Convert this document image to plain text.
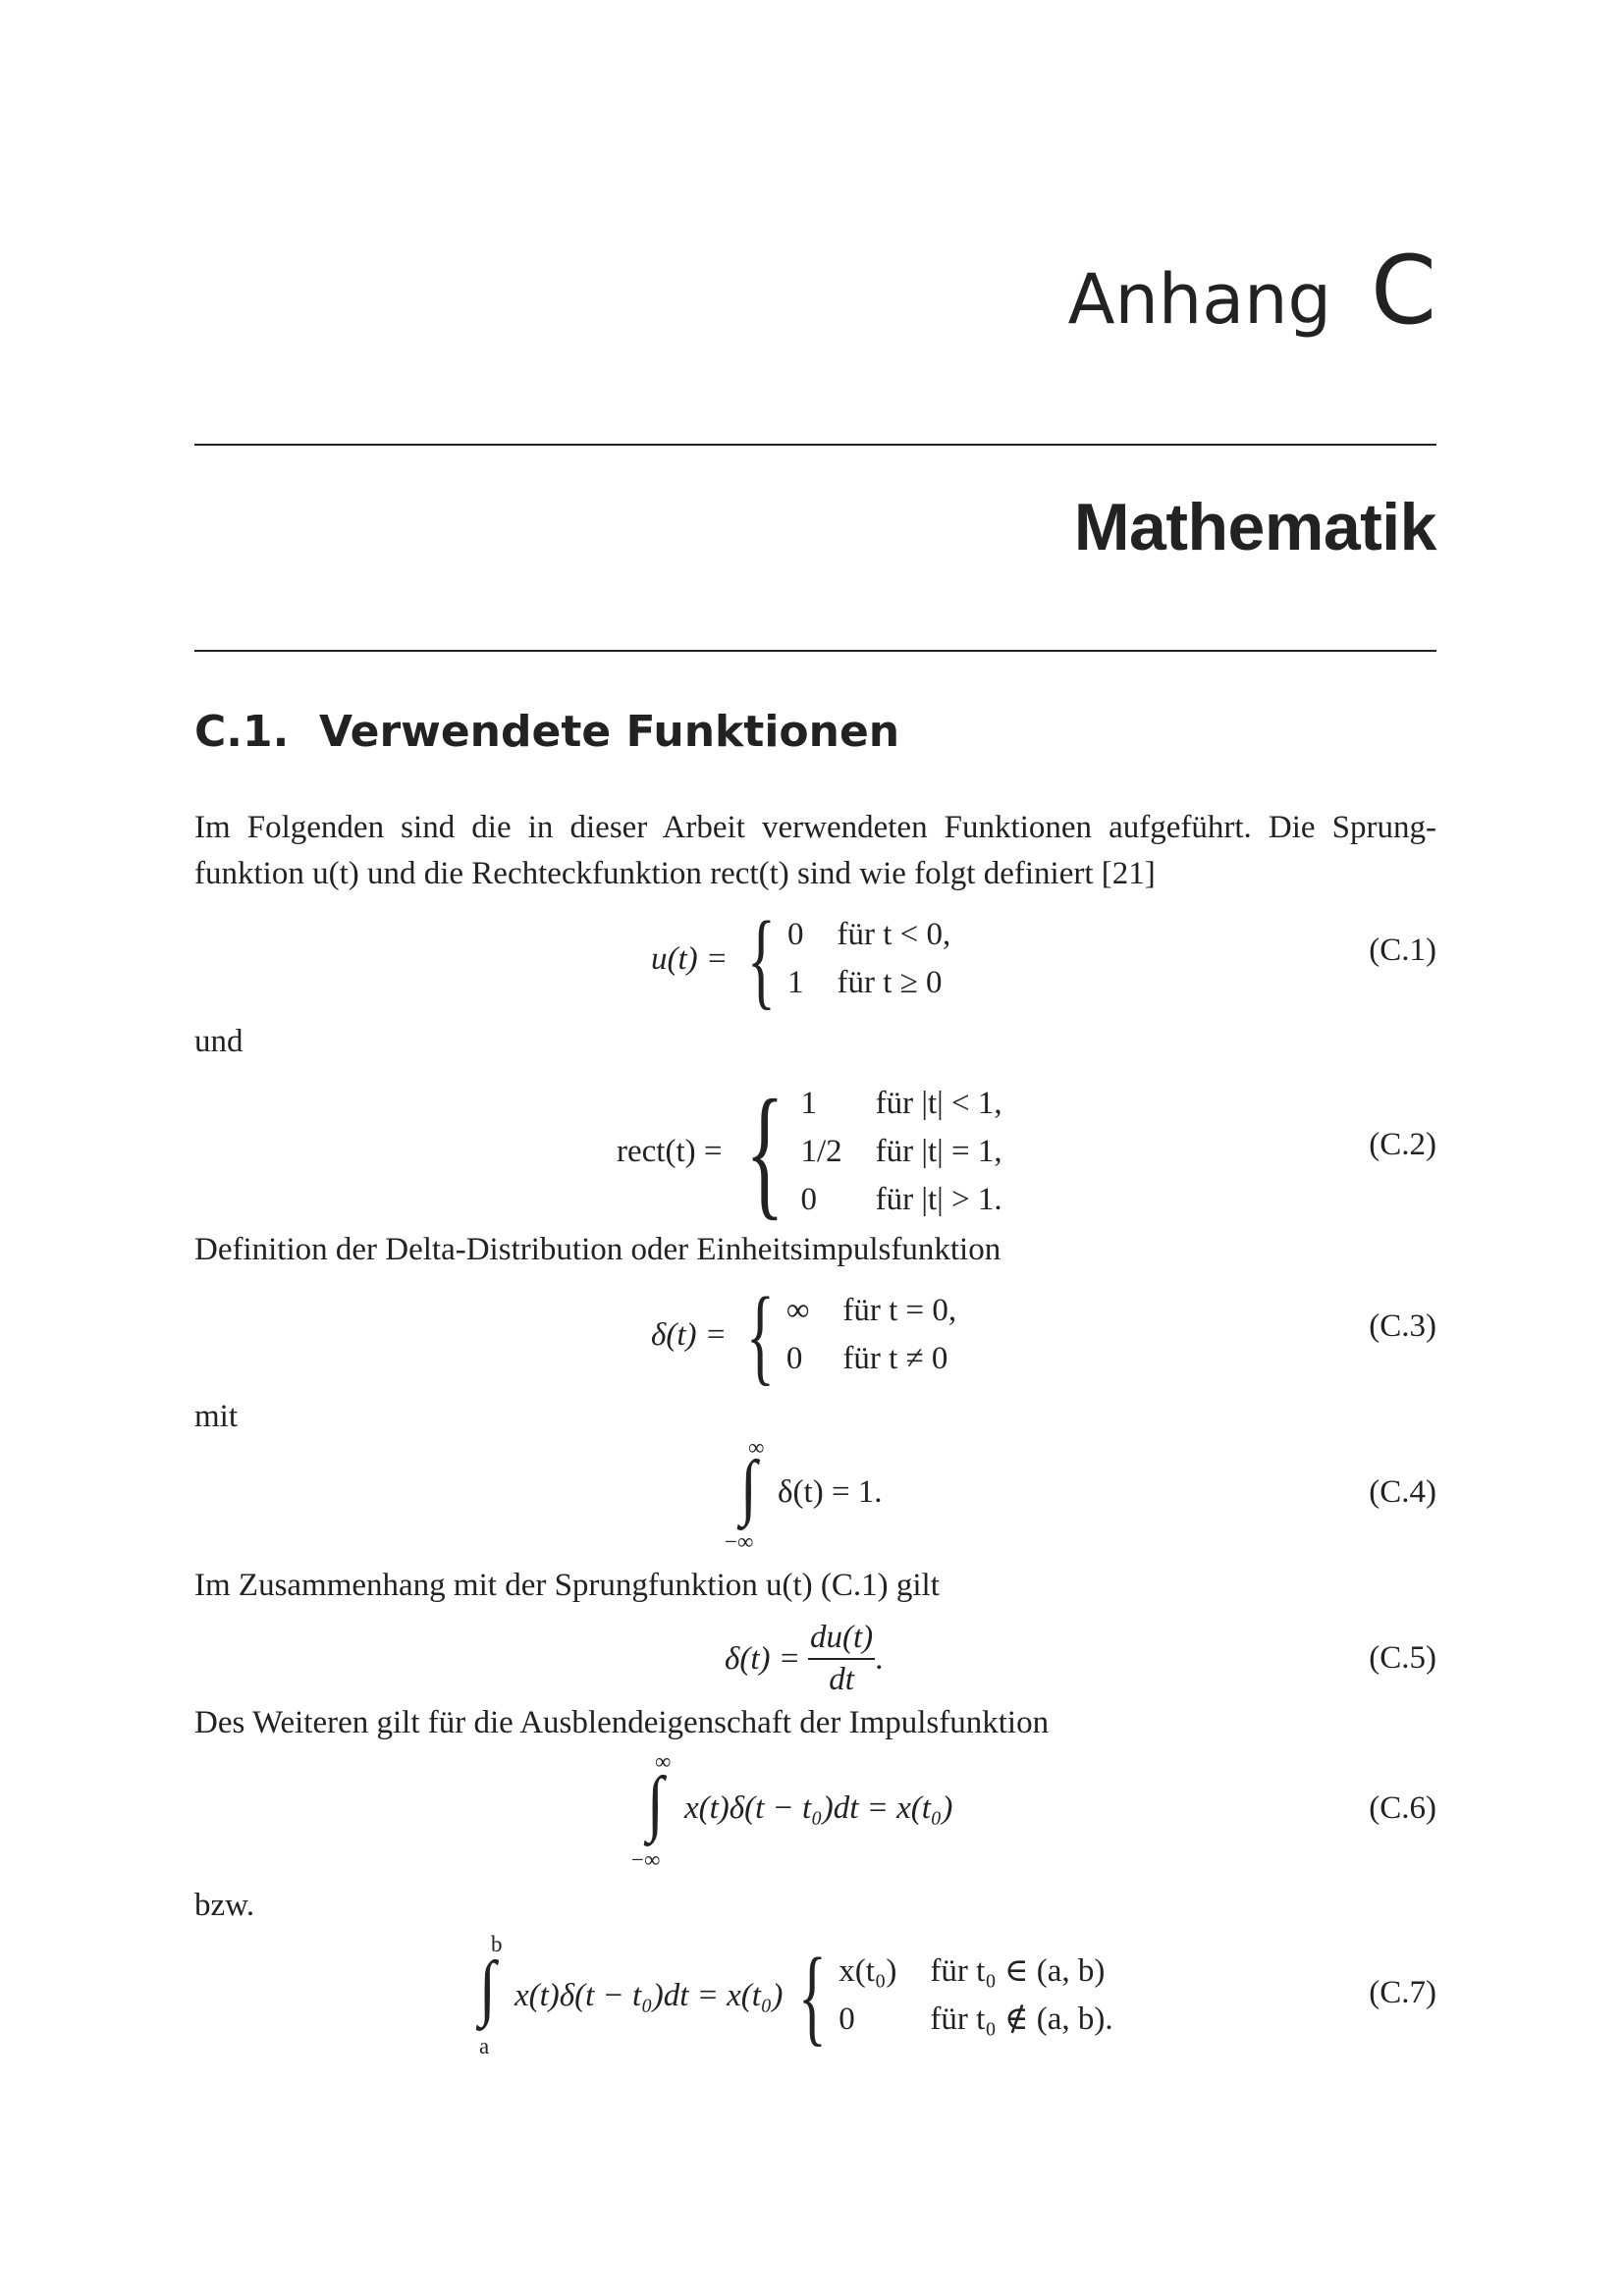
Anhang C
Mathematik
C.1. Verwendete Funktionen
Im Folgenden sind die in dieser Arbeit verwendeten Funktionen aufgeführt. Die Sprung-funktion u(t) und die Rechteckfunktion rect(t) sind wie folgt definiert [21]
u(t) = { 0	für t < 0,
1	für t ≥ 0
(C.1)
und
rect(t) = { 1	für |t| < 1,
1/2	für |t| = 1,
0	für |t| > 1.
(C.2)
Definition der Delta-Distribution oder Einheitsimpulsfunktion
δ(t) = { ∞	für t = 0,
0	für t ≠ 0
(C.3)
mit
∞
∫
−∞
δ(t) = 1.	(C.4)
Im Zusammenhang mit der Sprungfunktion u(t) (C.1) gilt
$\delta(t) = \frac{du(t)}{dt}$ .	(C.5)
Des Weiteren gilt für die Ausblendeigenschaft der Impulsfunktion
∞
∫
−∞
x(t)δ(t − t₀)dt = x(t₀)	(C.6)
bzw.
b
∫
a
x(t)δ(t − t₀)dt = x(t₀) { x(t₀)	für t₀ ∈ (a, b)
0	für t₀ ∉ (a, b).
(C.7)
